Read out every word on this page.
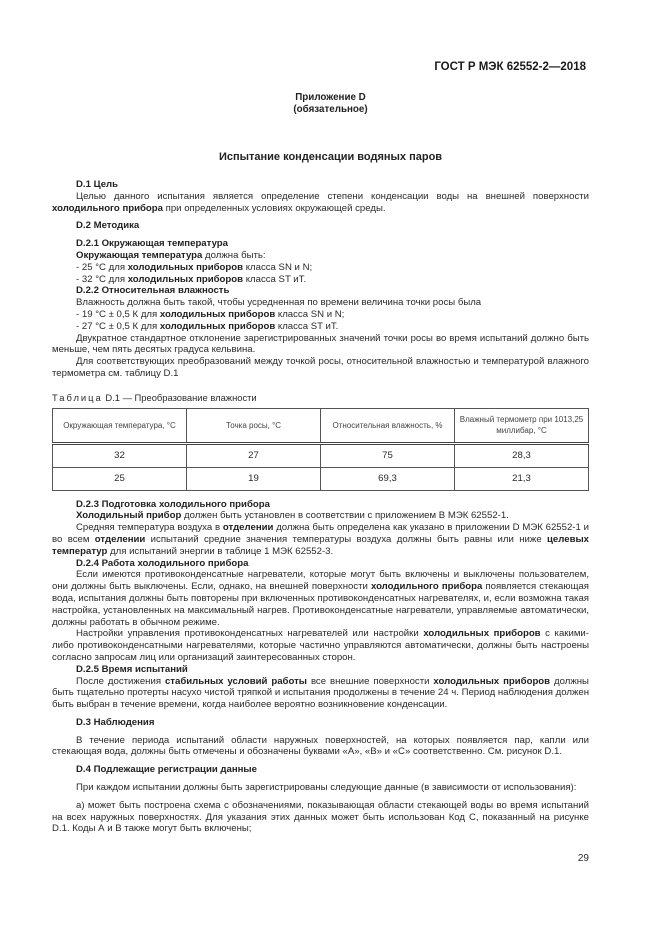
ГОСТ Р МЭК 62552-2—2018
Приложение D
(обязательное)
Испытание конденсации водяных паров

D.1 Цель

Целью данного испытания является определение степени конденсации воды на внешней поверхности холодильного прибора при определенных условиях окружающей среды.

D.2 Методика

D.2.1 Окружающая температура

Окружающая температура должна быть:

- 25 °С для холодильных приборов класса SN и N;

- 32 °С для холодильных приборов класса ST иТ.

D.2.2 Относительная влажность

Влажность должна быть такой, чтобы усредненная по времени величина точки росы была

- 19 °С ± 0,5 К для холодильных приборов класса SN и N;

- 27 °С ± 0,5 К для холодильных приборов класса ST иТ.

Двукратное стандартное отклонение зарегистрированных значений точки росы во время испытаний должно быть меньше, чем пять десятых градуса кельвина.

Для соответствующих преобразований между точкой росы, относительной влажностью и температурой влажного термометра см. таблицу D.1

Таблица D.1 — Преобразование влажности
Окружающая температура, °С	Точка росы, °С	Относительная влажность, %	Влажный термометр при 1013,25 миллибар, °С
32	27	75	28,3
25	19	69,3	21,3

D.2.3 Подготовка холодильного прибора

Холодильный прибор должен быть установлен в соответствии с приложением В МЭК 62552-1.

Средняя температура воздуха в отделении должна быть определена как указано в приложении D МЭК 62552-1 и во всем отделении испытаний средние значения температуры воздуха должны быть равны или ниже целевых температур для испытаний энергии в таблице 1 МЭК 62552-3.

D.2.4 Работа холодильного прибора

Если имеются противоконденсатные нагреватели, которые могут быть включены и выключены пользователем, они должны быть выключены. Если, однако, на внешней поверхности холодильного прибора появляется стекающая вода, испытания должны быть повторены при включенных противоконденсатных нагревателях, и, если возможна такая настройка, установленных на максимальный нагрев. Противоконденсатные нагреватели, управляемые автоматически, должны работать в обычном режиме.

Настройки управления противоконденсатных нагревателей или настройки холодильных приборов с какими-либо противоконденсатными нагревателями, которые частично управляются автоматически, должны быть настроены согласно запросам лиц или организаций заинтересованных сторон.

D.2.5 Время испытаний

После достижения стабильных условий работы все внешние поверхности холодильных приборов должны быть тщательно протерты насухо чистой тряпкой и испытания продолжены в течение 24 ч. Период наблюдения должен быть выбран в течение времени, когда наиболее вероятно возникновение конденсации.

D.3 Наблюдения

В течение периода испытаний области наружных поверхностей, на которых появляется пар, капли или стекающая вода, должны быть отмечены и обозначены буквами «А», «В» и «С» соответственно. См. рисунок D.1.

D.4 Подлежащие регистрации данные

При каждом испытании должны быть зарегистрированы следующие данные (в зависимости от использования):

а) может быть построена схема с обозначениями, показывающая области стекающей воды во время испытаний на всех наружных поверхностях. Для указания этих данных может быть использован Код С, показанный на рисунке D.1. Коды А и В также могут быть включены;

29
